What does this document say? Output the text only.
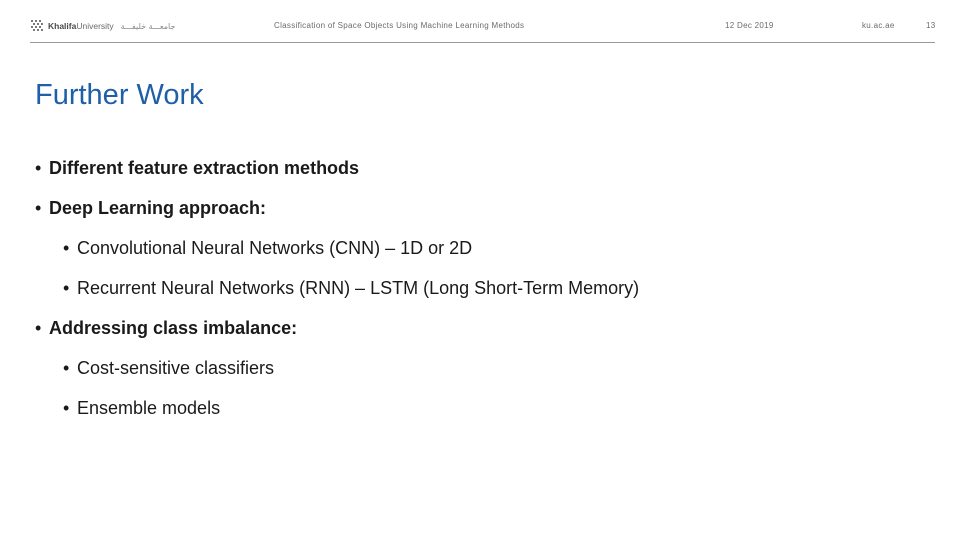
KhalifaUniversity جامعـــة خليفـــة	Classification of Space Objects Using Machine Learning Methods	12 Dec 2019	ku.ac.ae	13
Further Work
• Different feature extraction methods
• Deep Learning approach:
• Convolutional Neural Networks (CNN) – 1D or 2D
• Recurrent Neural Networks (RNN) – LSTM (Long Short-Term Memory)
• Addressing class imbalance:
• Cost-sensitive classifiers
• Ensemble models
